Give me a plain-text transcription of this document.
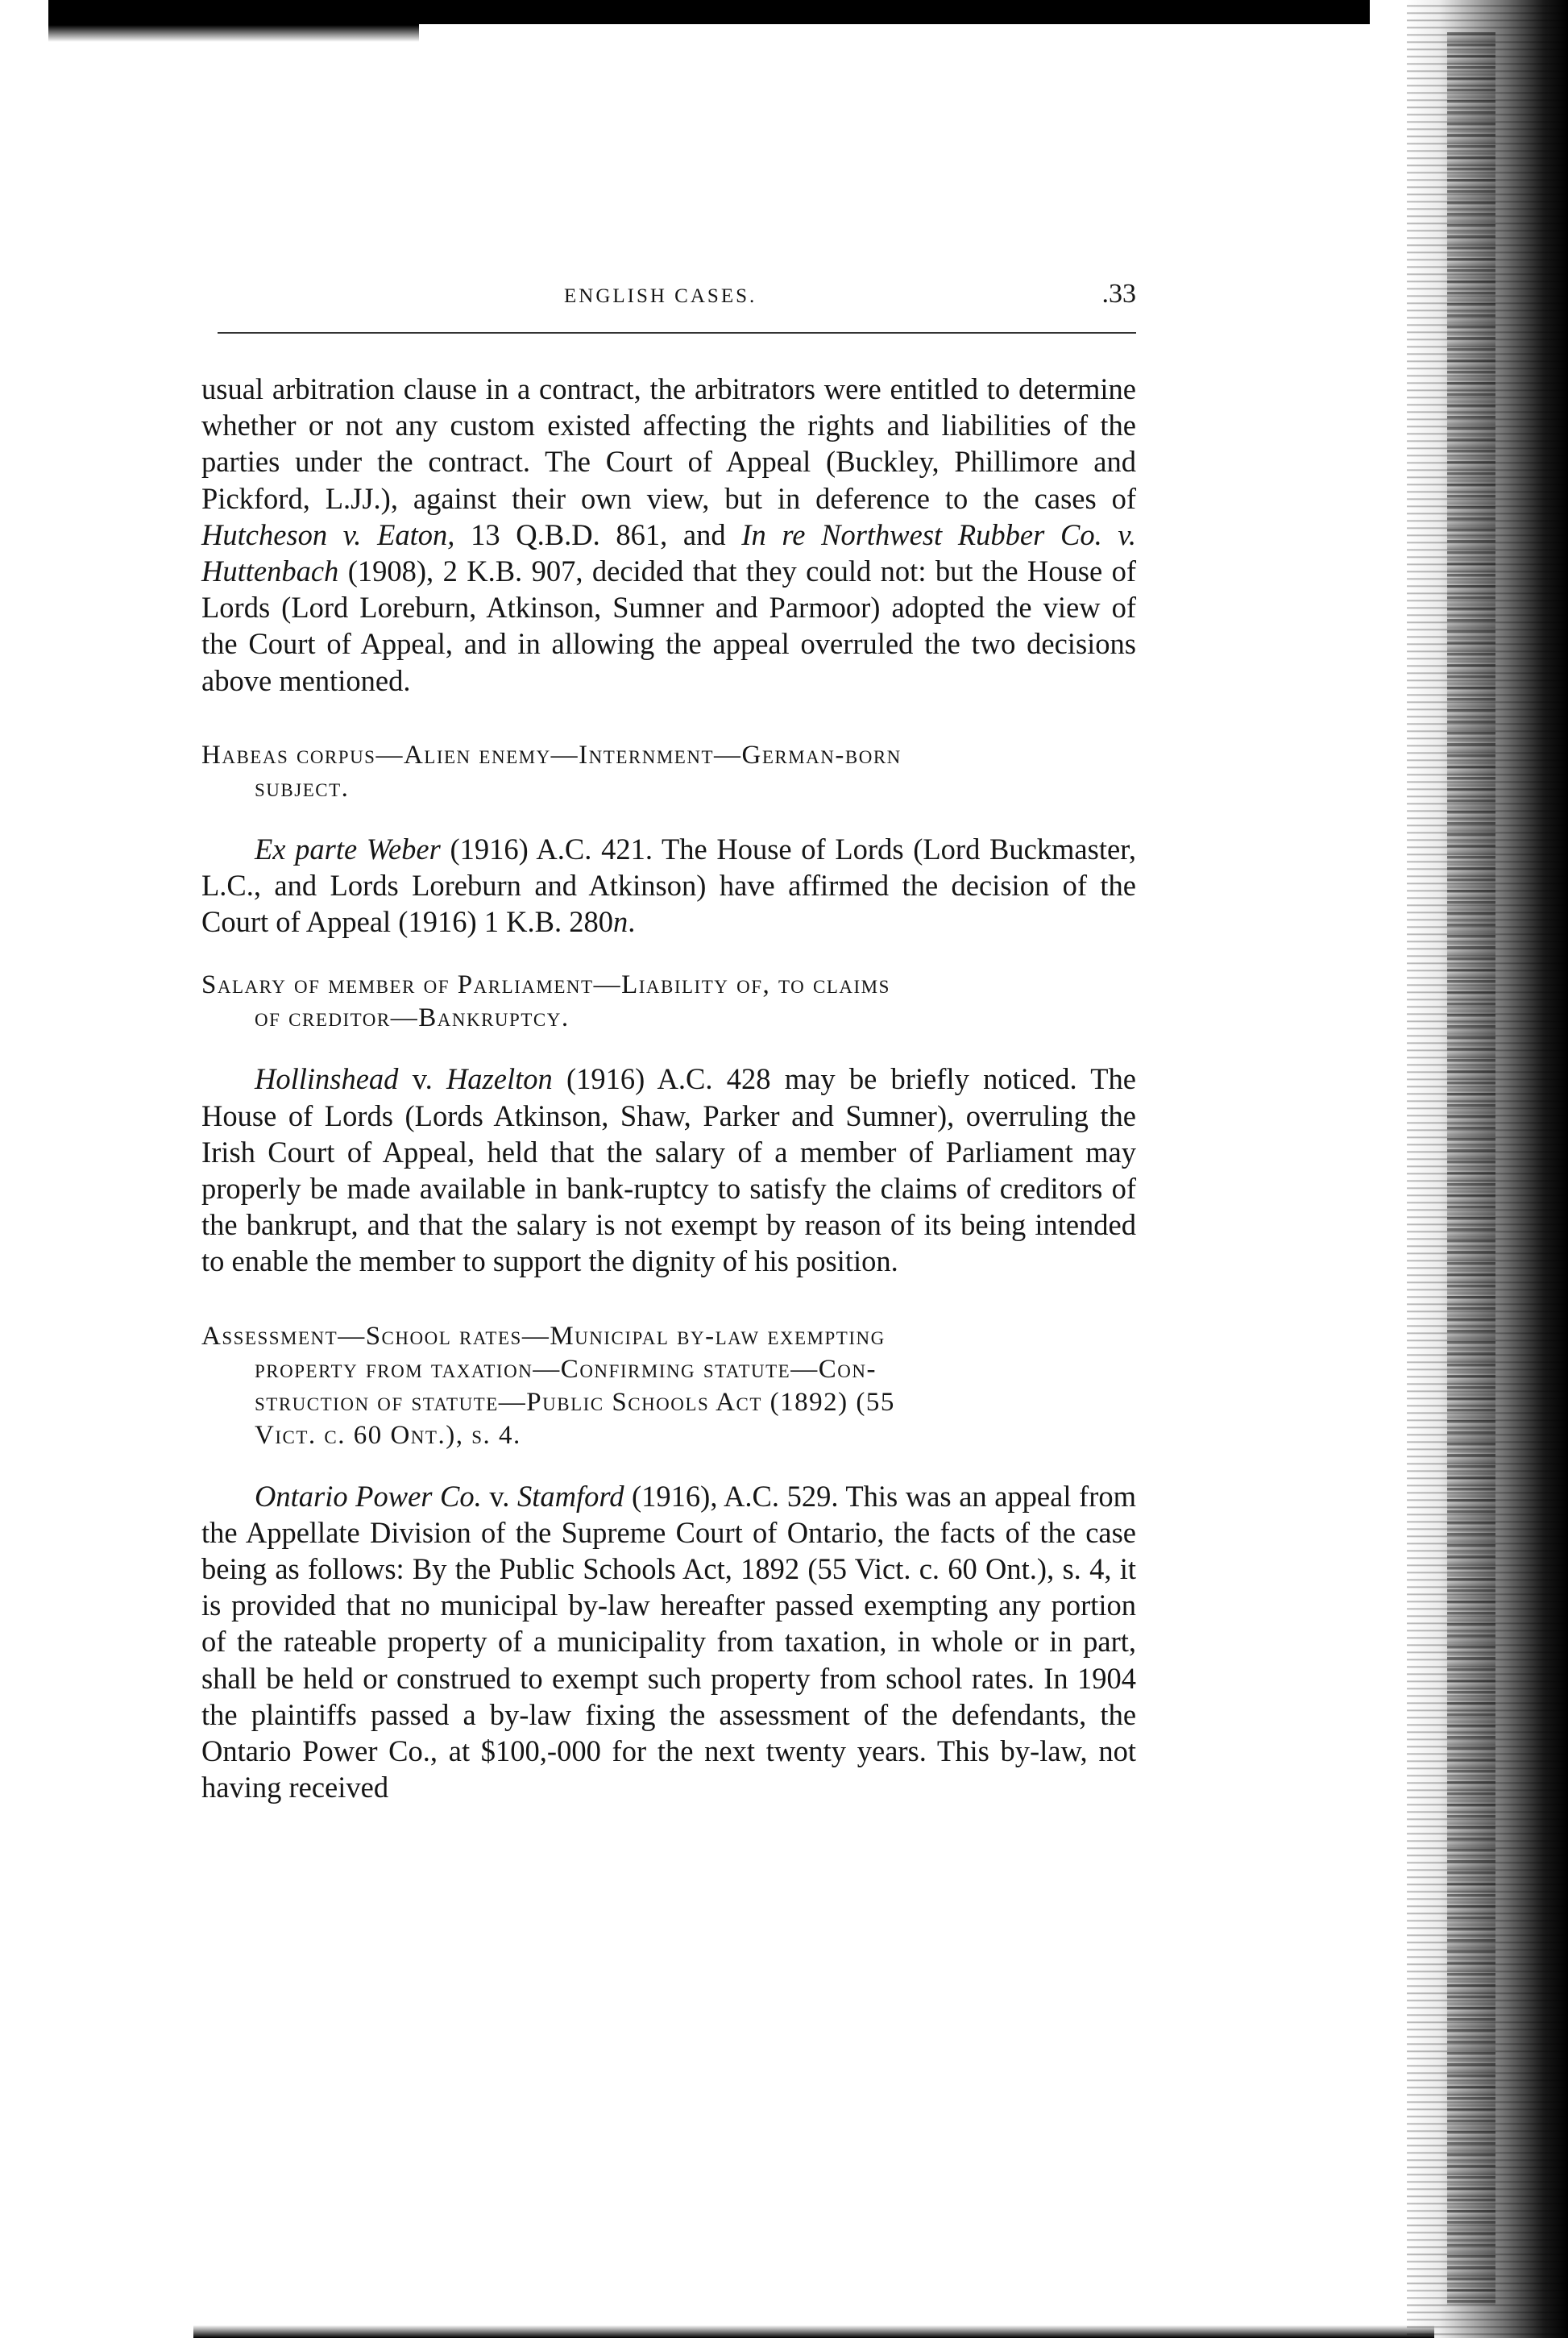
ENGLISH CASES.	.33

usual arbitration clause in a contract, the arbitrators were entitled to determine whether or not any custom existed affecting the rights and liabilities of the parties under the contract. The Court of Appeal (Buckley, Phillimore and Pickford, L.JJ.), against their own view, but in deference to the cases of Hutcheson v. Eaton, 13 Q.B.D. 861, and In re Northwest Rubber Co. v. Huttenbach (1908), 2 K.B. 907, decided that they could not: but the House of Lords (Lord Loreburn, Atkinson, Sumner and Parmoor) adopted the view of the Court of Appeal, and in allowing the appeal overruled the two decisions above mentioned.

Habeas corpus—Alien enemy—Internment—German-born
subject.

Ex parte Weber (1916) A.C. 421. The House of Lords (Lord Buckmaster, L.C., and Lords Loreburn and Atkinson) have affirmed the decision of the Court of Appeal (1916) 1 K.B. 280n.

Salary of member of Parliament—Liability of, to claims
of creditor—Bankruptcy.

Hollinshead v. Hazelton (1916) A.C. 428 may be briefly noticed. The House of Lords (Lords Atkinson, Shaw, Parker and Sumner), overruling the Irish Court of Appeal, held that the salary of a member of Parliament may properly be made available in bank-ruptcy to satisfy the claims of creditors of the bankrupt, and that the salary is not exempt by reason of its being intended to enable the member to support the dignity of his position.

Assessment—School rates—Municipal by-law exempting
property from taxation—Confirming statute—Con-
struction of statute—Public Schools Act (1892) (55
Vict. c. 60 Ont.), s. 4.

Ontario Power Co. v. Stamford (1916), A.C. 529. This was an appeal from the Appellate Division of the Supreme Court of Ontario, the facts of the case being as follows: By the Public Schools Act, 1892 (55 Vict. c. 60 Ont.), s. 4, it is provided that no municipal by-law hereafter passed exempting any portion of the rateable property of a municipality from taxation, in whole or in part, shall be held or construed to exempt such property from school rates. In 1904 the plaintiffs passed a by-law fixing the assessment of the defendants, the Ontario Power Co., at $100,-000 for the next twenty years. This by-law, not having received
